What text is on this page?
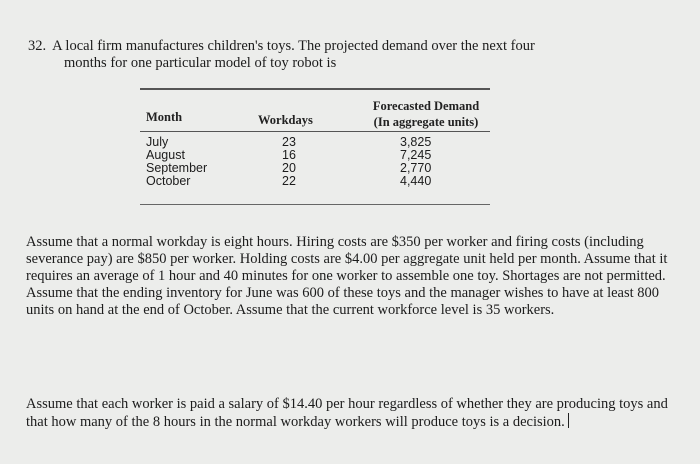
32. A local firm manufactures children's toys. The projected demand over the next four
months for one particular model of toy robot is
Month	Workdays
Forecasted Demand
(In aggregate units)
July
August
September
October
23
16
20
22
3,825
7,245
2,770
4,440
Assume that a normal workday is eight hours. Hiring costs are $350 per worker and firing costs (including severance pay) are $850 per worker. Holding costs are $4.00 per aggregate unit held per month. Assume that it requires an average of 1 hour and 40 minutes for one worker to assemble one toy. Shortages are not permitted. Assume that the ending inventory for June was 600 of these toys and the manager wishes to have at least 800 units on hand at the end of October. Assume that the current workforce level is 35 workers.
Assume that each worker is paid a salary of $14.40 per hour regardless of whether they are producing toys and that how many of the 8 hours in the normal workday workers will produce toys is a decision.
